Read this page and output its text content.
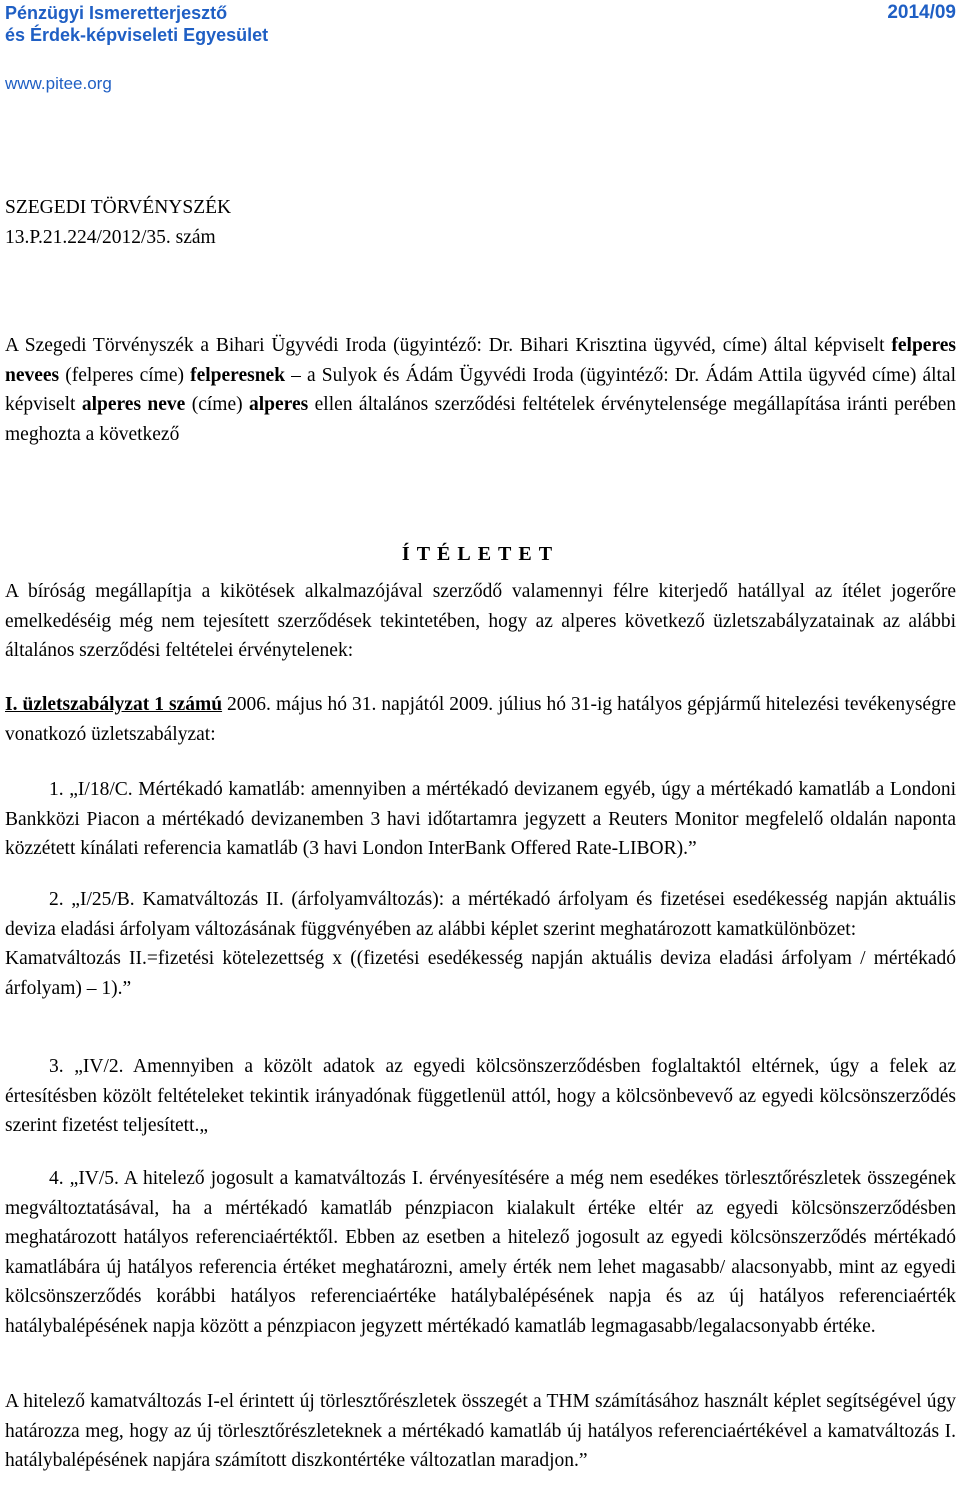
Pénzügyi Ismeretterjesztő
és Érdek-képviseleti Egyesület
2014/09
www.pitee.org

SZEGEDI TÖRVÉNYSZÉK

13.P.21.224/2012/35. szám

A Szegedi Törvényszék a Bihari Ügyvédi Iroda (ügyintéző: Dr. Bihari Krisztina ügyvéd, címe) által képviselt felperes nevees (felperes címe) felperesnek – a Sulyok és Ádám Ügyvédi Iroda (ügyintéző: Dr. Ádám Attila ügyvéd címe) által képviselt alperes neve (címe) alperes ellen általános szerződési feltételek érvénytelensége megállapítása iránti perében meghozta a következő
ÍTÉLETET
A bíróság megállapítja a kikötések alkalmazójával szerződő valamennyi félre kiterjedő hatállyal az ítélet jogerőre emelkedéséig még nem tejesített szerződések tekintetében, hogy az alperes következő üzletszabályzatainak az alábbi általános szerződési feltételei érvénytelenek:
I. üzletszabályzat 1 számú 2006. május hó 31. napjától 2009. július hó 31-ig hatályos gépjármű hitelezési tevékenységre vonatkozó üzletszabályzat:

1. „I/18/C. Mértékadó kamatláb: amennyiben a mértékadó devizanem egyéb, úgy a mértékadó kamatláb a Londoni Bankközi Piacon a mértékadó devizanemben 3 havi időtartamra jegyzett a Reuters Monitor megfelelő oldalán naponta közzétett kínálati referencia kamatláb (3 havi London InterBank Offered Rate-LIBOR).”

2. „I/25/B. Kamatváltozás II. (árfolyamváltozás): a mértékadó árfolyam és fizetései esedékesség napján aktuális deviza eladási árfolyam változásának függvényében az alábbi képlet szerint meghatározott kamatkülönbözet:

Kamatváltozás II.=fizetési kötelezettség x ((fizetési esedékesség napján aktuális deviza eladási árfolyam / mértékadó árfolyam) – 1).”

3. „IV/2. Amennyiben a közölt adatok az egyedi kölcsönszerződésben foglaltaktól eltérnek, úgy a felek az értesítésben közölt feltételeket tekintik irányadónak függetlenül attól, hogy a kölcsönbevevő az egyedi kölcsönszerződés szerint fizetést teljesített.„

4. „IV/5. A hitelező jogosult a kamatváltozás I. érvényesítésére a még nem esedékes törlesztőrészletek összegének megváltoztatásával, ha a mértékadó kamatláb pénzpiacon kialakult értéke eltér az egyedi kölcsönszerződésben meghatározott hatályos referenciaértéktől. Ebben az esetben a hitelező jogosult az egyedi kölcsönszerződés mértékadó kamatlábára új hatályos referencia értéket meghatározni, amely érték nem lehet magasabb/ alacsonyabb, mint az egyedi kölcsönszerződés korábbi hatályos referenciaértéke hatálybalépésének napja és az új hatályos referenciaérték hatálybalépésének napja között a pénzpiacon jegyzett mértékadó kamatláb legmagasabb/legalacsonyabb értéke.

A hitelező kamatváltozás I-el érintett új törlesztőrészletek összegét a THM számításához használt képlet segítségével úgy határozza meg, hogy az új törlesztőrészleteknek a mértékadó kamatláb új hatályos referenciaértékével a kamatváltozás I. hatálybalépésének napjára számított diszkontértéke változatlan maradjon.”
